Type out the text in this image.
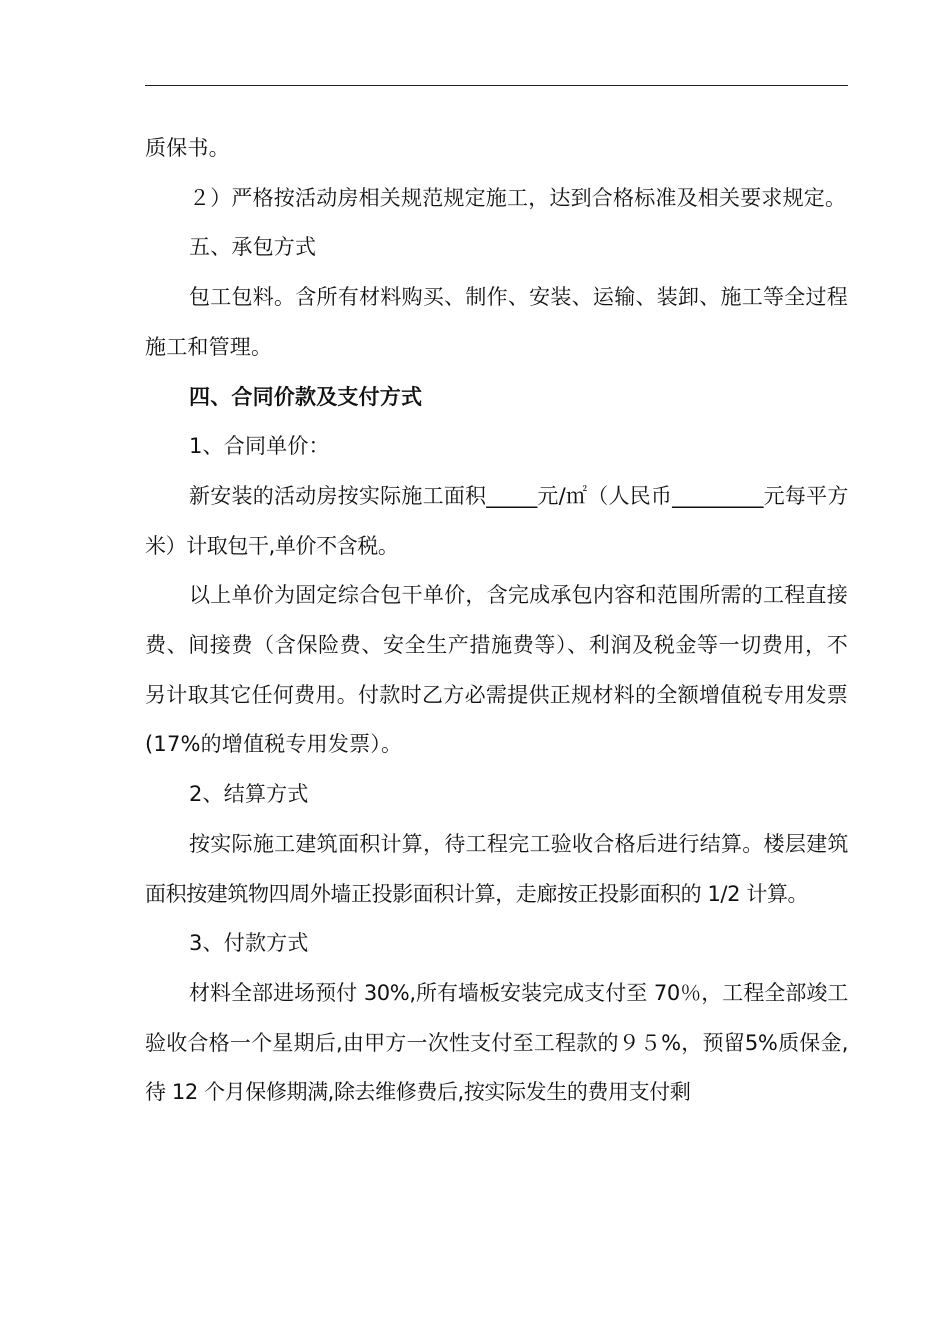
质保书。

２）严格按活动房相关规范规定施工，达到合格标准及相关要求规定。

五、承包方式

包工包料。含所有材料购买、制作、安装、运输、装卸、施工等全过程施工和管理。

四、合同价款及支付方式

1、合同单价：

新安装的活动房按实际施工面积_____元/㎡（人民币_________元每平方米）计取包干,单价不含税。

以上单价为固定综合包干单价，含完成承包内容和范围所需的工程直接费、间接费（含保险费、安全生产措施费等）、利润及税金等一切费用，不另计取其它任何费用。付款时乙方必需提供正规材料的全额增值税专用发票(17%的增值税专用发票）。

2、结算方式

按实际施工建筑面积计算，待工程完工验收合格后进行结算。楼层建筑面积按建筑物四周外墙正投影面积计算，走廊按正投影面积的 1/2 计算。

3、付款方式

材料全部进场预付 30%,所有墙板安装完成支付至 70％，工程全部竣工验收合格一个星期后,由甲方一次性支付至工程款的９５%，预留5%质保金,待 12 个月保修期满,除去维修费后,按实际发生的费用支付剩
